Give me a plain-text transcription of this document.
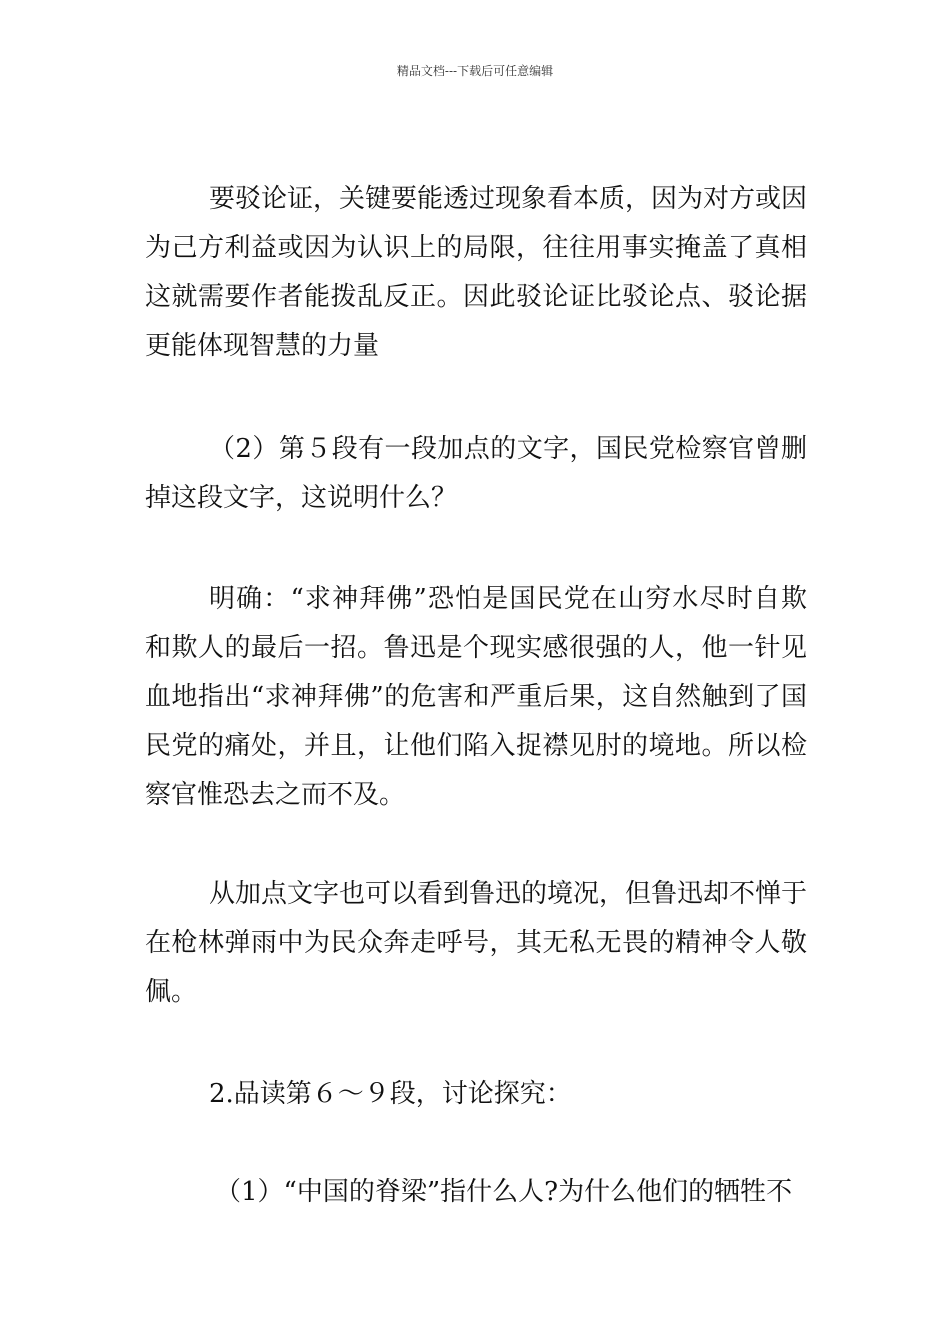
精品文档---下载后可任意编辑

要驳论证，关键要能透过现象看本质，因为对方或因为己方利益或因为认识上的局限，往往用事实掩盖了真相这就需要作者能拨乱反正。因此驳论证比驳论点、驳论据更能体现智慧的力量

（2）第５段有一段加点的文字，国民党检察官曾删掉这段文字，这说明什么？

明确：“求神拜佛”恐怕是国民党在山穷水尽时自欺和欺人的最后一招。鲁迅是个现实感很强的人，他一针见血地指出“求神拜佛”的危害和严重后果，这自然触到了国民党的痛处，并且，让他们陷入捉襟见肘的境地。所以检察官惟恐去之而不及。

从加点文字也可以看到鲁迅的境况，但鲁迅却不惮于在枪林弹雨中为民众奔走呼号，其无私无畏的精神令人敬佩。

2.品读第６～９段，讨论探究：

（1）“中国的脊梁”指什么人?为什么他们的牺牲不
